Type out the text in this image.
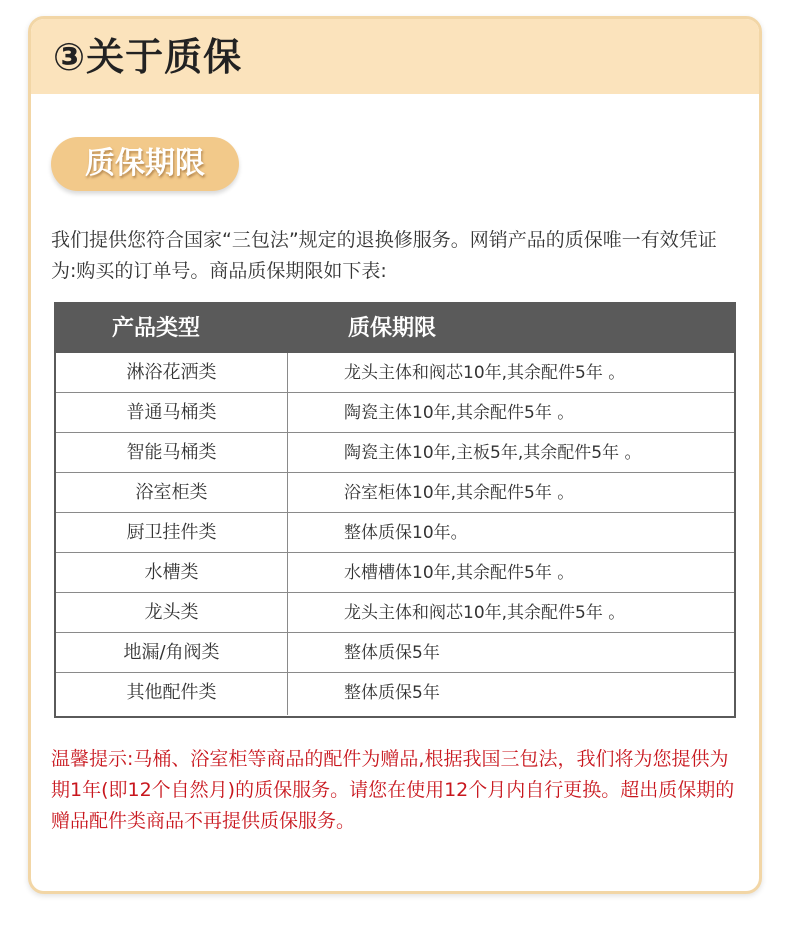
③关于质保
质保期限
我们提供您符合国家“三包法”规定的退换修服务。网销产品的质保唯一有效凭证为:购买的订单号。商品质保期限如下表:
产品类型	质保期限
淋浴花洒类	龙头主体和阀芯10年,其余配件5年 。
普通马桶类	陶瓷主体10年,其余配件5年 。
智能马桶类	陶瓷主体10年,主板5年,其余配件5年 。
浴室柜类	浴室柜体10年,其余配件5年 。
厨卫挂件类	整体质保10年。
水槽类	水槽槽体10年,其余配件5年 。
龙头类	龙头主体和阀芯10年,其余配件5年 。
地漏/角阀类	整体质保5年
其他配件类	整体质保5年
温馨提示:马桶、浴室柜等商品的配件为赠品,根据我国三包法，我们将为您提供为期1年(即12个自然月)的质保服务。请您在使用12个月内自行更换。超出质保期的赠品配件类商品不再提供质保服务。
